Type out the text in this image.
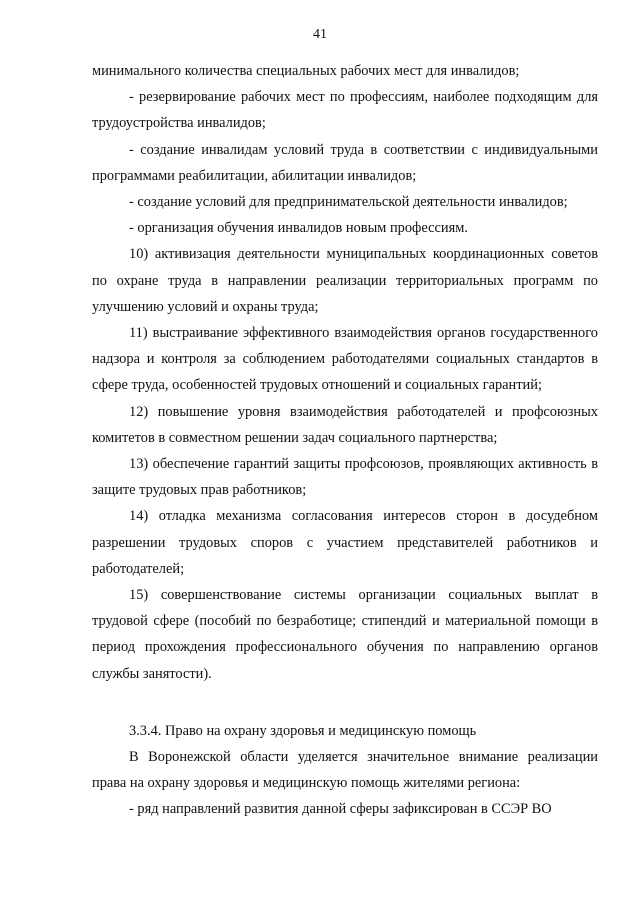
41

минимального количества специальных рабочих мест для инвалидов;

- резервирование рабочих мест по профессиям, наиболее подходящим для трудоустройства инвалидов;

- создание инвалидам условий труда в соответствии с индивидуальными программами реабилитации, абилитации инвалидов;

- создание условий для предпринимательской деятельности инвалидов;

- организация обучения инвалидов новым профессиям.

10) активизация деятельности муниципальных координационных советов по охране труда в направлении реализации территориальных программ по улучшению условий и охраны труда;

11) выстраивание эффективного взаимодействия органов государственного надзора и контроля за соблюдением работодателями социальных стандартов в сфере труда, особенностей трудовых отношений и социальных гарантий;

12) повышение уровня взаимодействия работодателей и профсоюзных комитетов в совместном решении задач социального партнерства;

13) обеспечение гарантий защиты профсоюзов, проявляющих активность в защите трудовых прав работников;

14) отладка механизма согласования интересов сторон в досудебном разрешении трудовых споров с участием представителей работников и работодателей;

15) совершенствование системы организации социальных выплат в трудовой сфере (пособий по безработице; стипендий и материальной помощи в период прохождения профессионального обучения по направлению органов службы занятости).

3.3.4. Право на охрану здоровья и медицинскую помощь

В Воронежской области уделяется значительное внимание реализации права на охрану здоровья и медицинскую помощь жителями региона:

- ряд направлений развития данной сферы зафиксирован в ССЭР ВО
